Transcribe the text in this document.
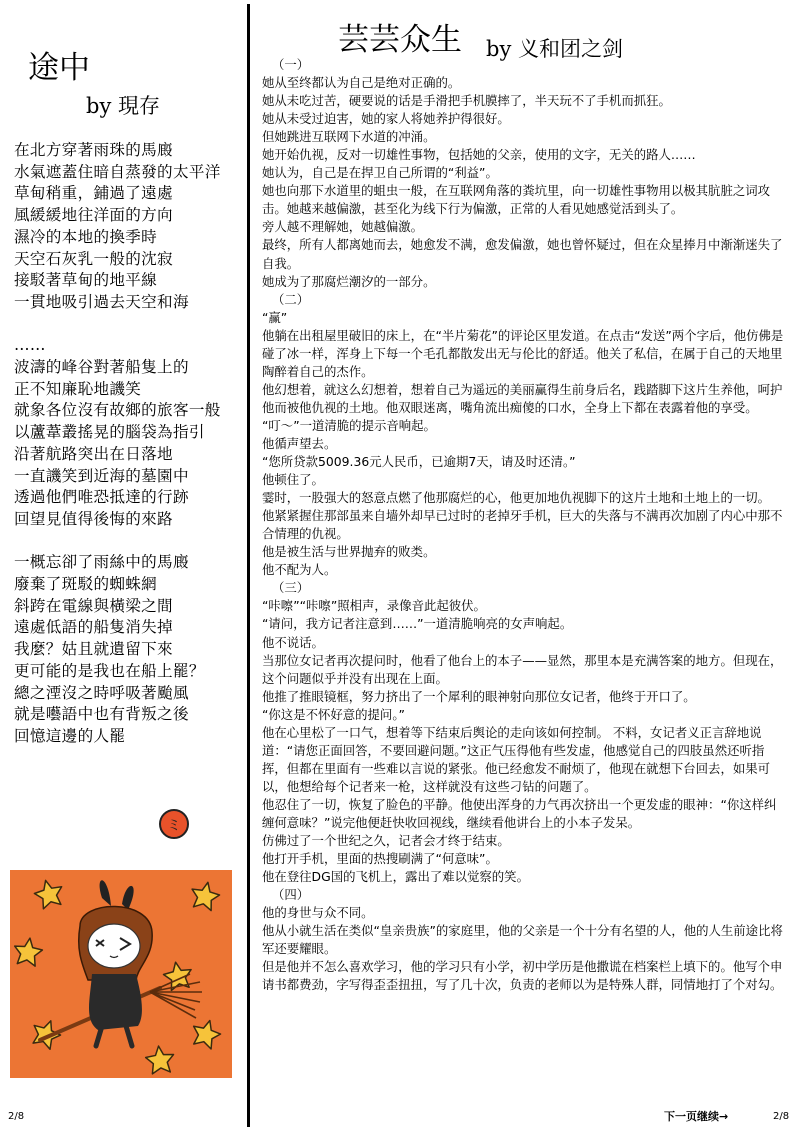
途中
by 現存
在北方穿著雨珠的馬廄
水氣遮蓋住暗自蒸發的太平洋
草甸稍重，鋪過了遠處
風緩緩地往洋面的方向
濕冷的本地的換季時
天空石灰乳一般的沈寂
接駁著草甸的地平線
一貫地吸引過去天空和海
……
波濤的峰谷對著船隻上的
正不知廉恥地譏笑
就象各位沒有故鄉的旅客一般
以蘆葦叢搖晃的腦袋為指引
沿著航路突出在日落地
一直譏笑到近海的墓園中
透過他們唯恐抵達的行跡
回望見值得後悔的來路
一概忘卻了雨絲中的馬廄
廢棄了斑駁的蜘蛛網
斜跨在電線與橫梁之間
遠處低語的船隻消失掉
我麼？姑且就遺留下來
更可能的是我也在船上罷？
總之湮沒之時呼吸著颱風
就是囈語中也有背叛之後
回憶這邊的人罷
ミ
芸芸众生 by 义和团之剑
（一）
她从至终都认为自己是绝对正确的。
她从未吃过苦，硬要说的话是手滑把手机膜摔了，半天玩不了手机而抓狂。
她从未受过迫害，她的家人将她养护得很好。
但她跳进互联网下水道的冲涌。
她开始仇视，反对一切雄性事物，包括她的父亲，使用的文字，无关的路人……
她认为，自己是在捍卫自己所谓的“利益”。
她也向那下水道里的蛆虫一般，在互联网角落的粪坑里，向一切雄性事物用以极其肮脏之词攻击。她越来越偏激，甚至化为线下行为偏激，正常的人看见她感觉活到头了。
旁人越不理解她，她越偏激。
最终，所有人都离她而去，她愈发不满，愈发偏激，她也曾怀疑过，但在众星捧月中渐渐迷失了自我。
她成为了那腐烂潮汐的一部分。
（二）
“赢”
他躺在出租屋里破旧的床上，在“半片菊花”的评论区里发道。在点击“发送”两个字后，他仿佛是碰了冰一样，浑身上下每一个毛孔都散发出无与伦比的舒适。他关了私信，在属于自己的天地里陶醉着自己的杰作。
他幻想着，就这么幻想着，想着自己为遥远的美丽赢得生前身后名，践踏脚下这片生养他，呵护他而被他仇视的土地。他双眼迷离，嘴角流出痴傻的口水，全身上下都在表露着他的享受。
“叮～”一道清脆的提示音响起。
他循声望去。
“您所贷款5009.36元人民币，已逾期7天，请及时还清。”
他顿住了。
霎时，一股强大的怒意点燃了他那腐烂的心，他更加地仇视脚下的这片土地和土地上的一切。
他紧紧握住那部虽来自墙外却早已过时的老掉牙手机，巨大的失落与不满再次加剧了内心中那不合情理的仇视。
他是被生活与世界抛弃的败类。
他不配为人。
（三）
“咔嚓”“咔嚓”照相声，录像音此起彼伏。
“请问，我方记者注意到……”一道清脆响亮的女声响起。
他不说话。
当那位女记者再次提问时，他看了他台上的本子——显然，那里本是充满答案的地方。但现在，这个问题似乎并没有出现在上面。
他推了推眼镜框，努力挤出了一个犀利的眼神射向那位女记者，他终于开口了。
“你这是不怀好意的提问。”
他在心里松了一口气，想着等下结束后舆论的走向该如何控制。 不料，女记者义正言辞地说道：“请您正面回答，不要回避问题。”这正气压得他有些发虚，他感觉自己的四肢虽然还听指挥，但都在里面有一些难以言说的紧张。他已经愈发不耐烦了，他现在就想下台回去，如果可以，他想给每个记者来一枪，这样就没有这些刁钻的问题了。
他忍住了一切，恢复了脸色的平静。他使出浑身的力气再次挤出一个更发虚的眼神：“你这样纠缠何意味？”说完他便赶快收回视线，继续看他讲台上的小本子发呆。
仿佛过了一个世纪之久，记者会才终于结束。
他打开手机，里面的热搜刷满了“何意味”。
他在登往DG国的飞机上，露出了难以觉察的笑。
（四）
他的身世与众不同。
他从小就生活在类似“皇亲贵族”的家庭里，他的父亲是一个十分有名望的人，他的人生前途比将军还要耀眼。
但是他并不怎么喜欢学习，他的学习只有小学，初中学历是他撒谎在档案栏上填下的。他写个申请书都费劲，字写得歪歪扭扭，写了几十次，负责的老师以为是特殊人群，同情地打了个对勾。
2/8	下一页继续→	2/8
